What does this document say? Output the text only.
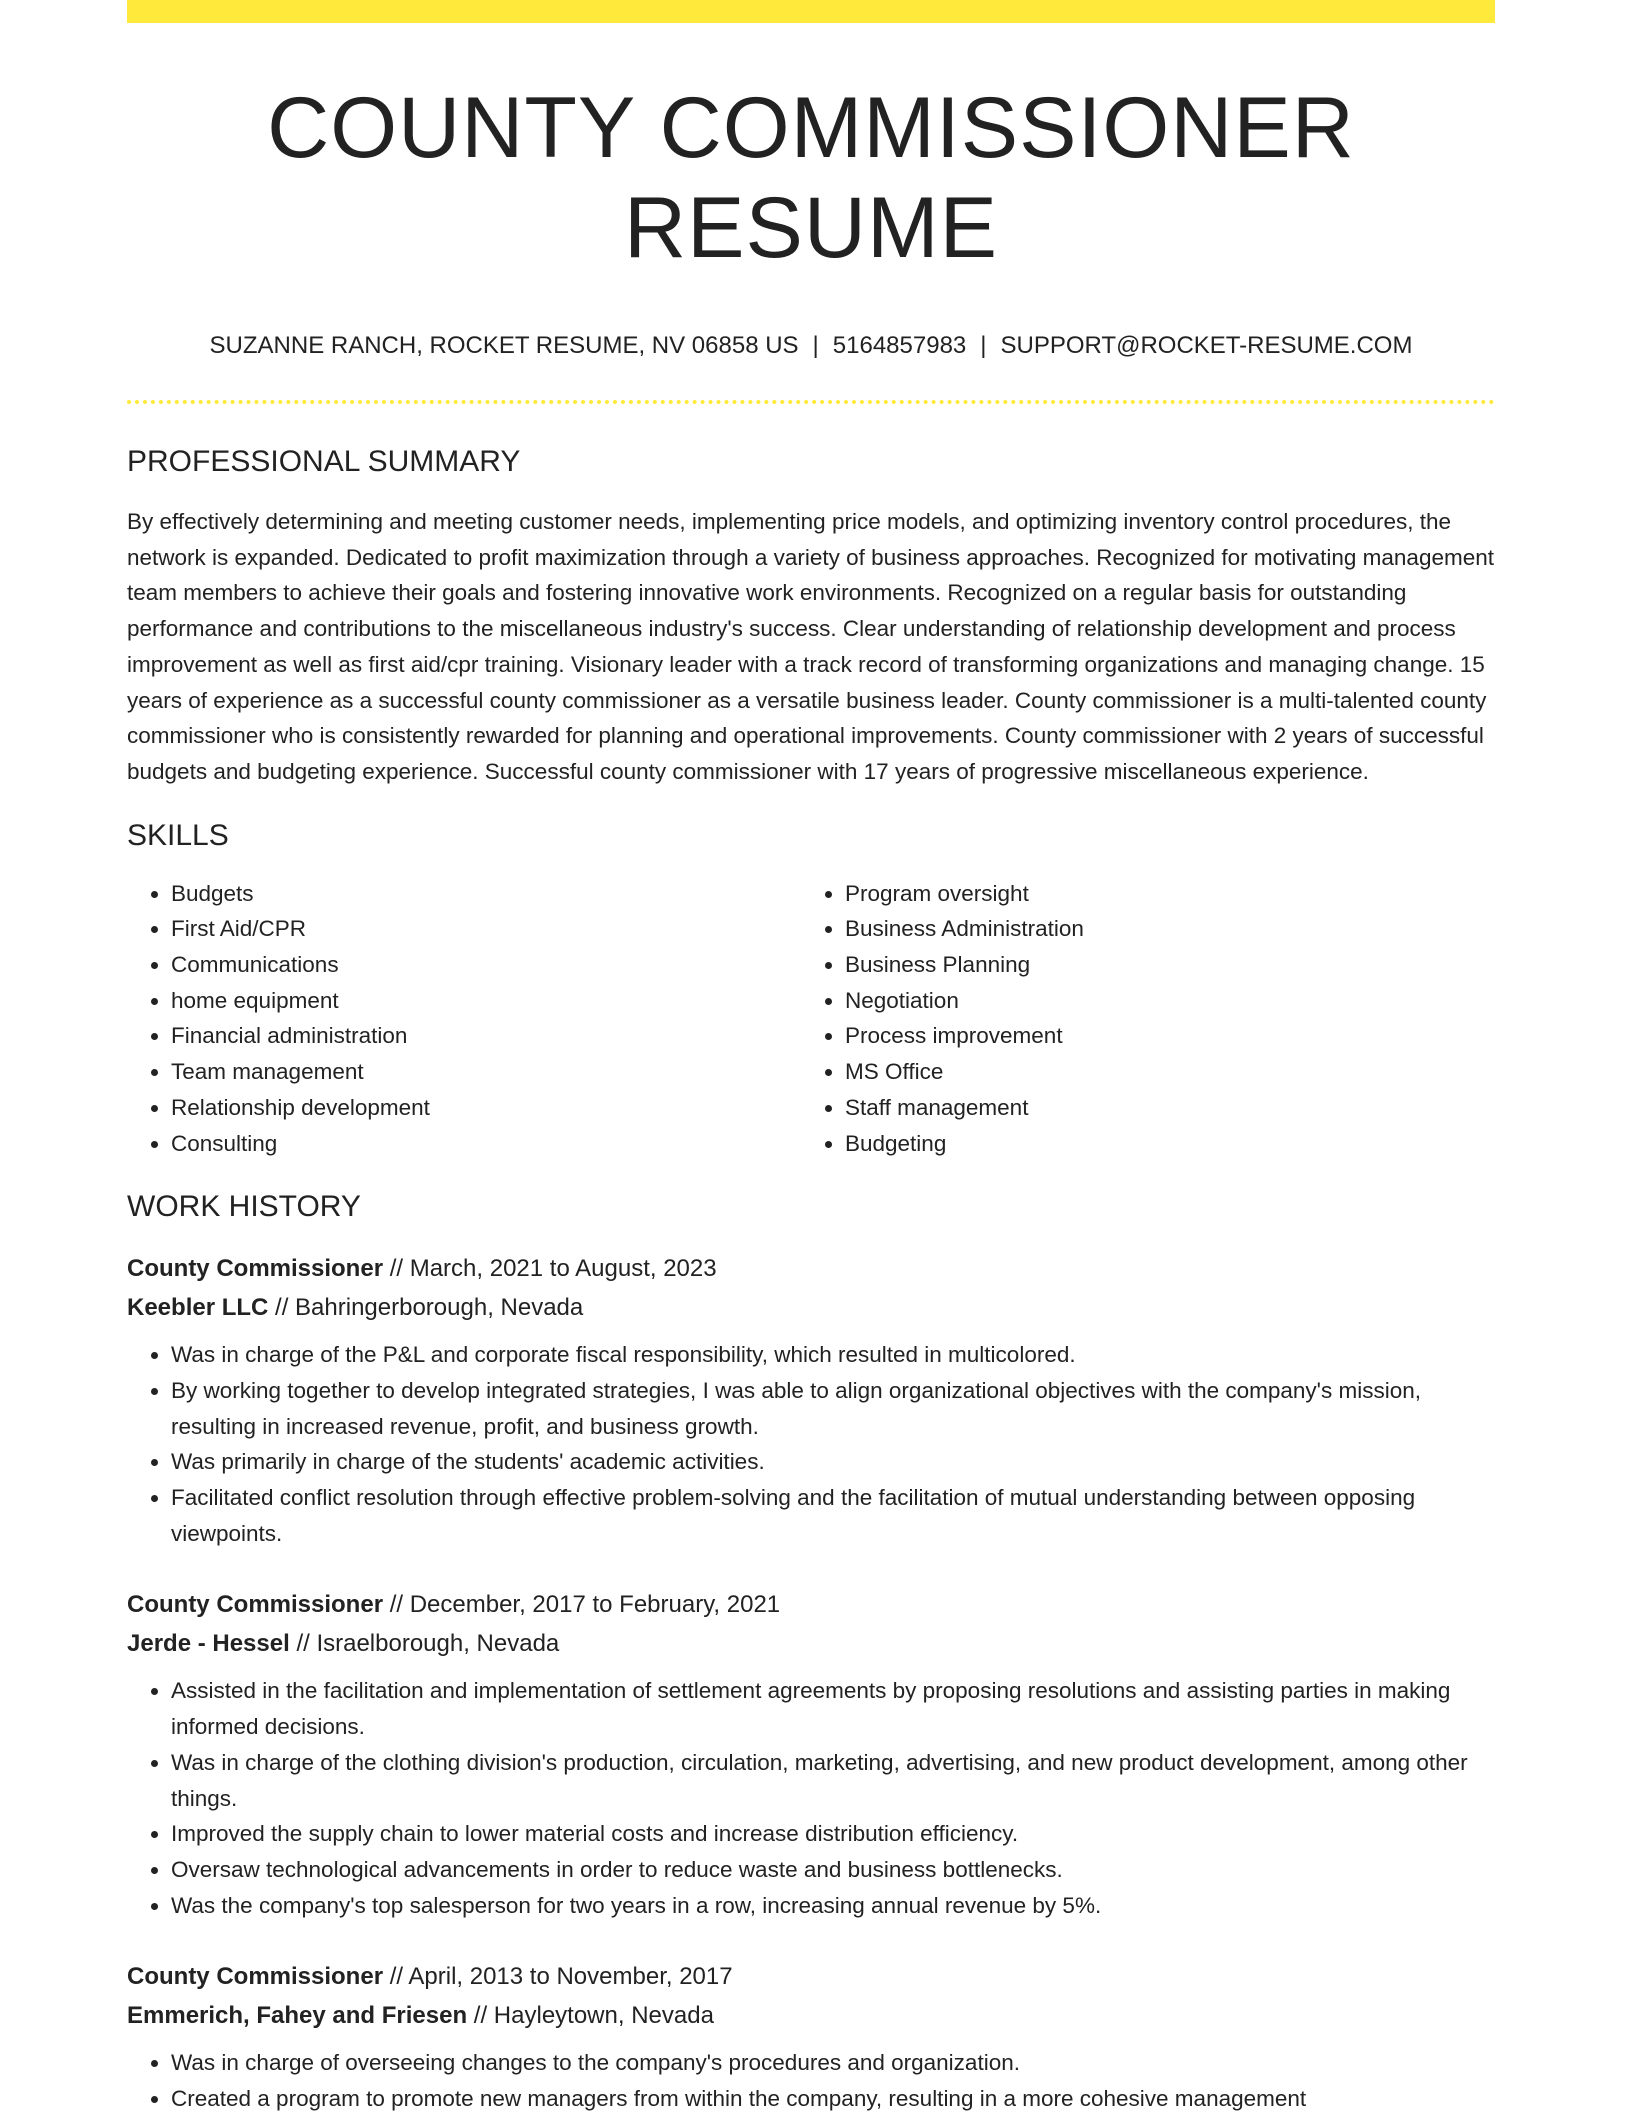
COUNTY COMMISSIONER RESUME
SUZANNE RANCH, ROCKET RESUME, NV 06858 US | 5164857983 | SUPPORT@ROCKET-RESUME.COM
PROFESSIONAL SUMMARY
By effectively determining and meeting customer needs, implementing price models, and optimizing inventory control procedures, the network is expanded. Dedicated to profit maximization through a variety of business approaches. Recognized for motivating management team members to achieve their goals and fostering innovative work environments. Recognized on a regular basis for outstanding performance and contributions to the miscellaneous industry's success. Clear understanding of relationship development and process improvement as well as first aid/cpr training. Visionary leader with a track record of transforming organizations and managing change. 15 years of experience as a successful county commissioner as a versatile business leader. County commissioner is a multi-talented county commissioner who is consistently rewarded for planning and operational improvements. County commissioner with 2 years of successful budgets and budgeting experience. Successful county commissioner with 17 years of progressive miscellaneous experience.
SKILLS
• Budgets
• First Aid/CPR
• Communications
• home equipment
• Financial administration
• Team management
• Relationship development
• Consulting
• Program oversight
• Business Administration
• Business Planning
• Negotiation
• Process improvement
• MS Office
• Staff management
• Budgeting
WORK HISTORY
County Commissioner // March, 2021 to August, 2023
Keebler LLC // Bahringerborough, Nevada
• Was in charge of the P&L and corporate fiscal responsibility, which resulted in multicolored.
• By working together to develop integrated strategies, I was able to align organizational objectives with the company's mission, resulting in increased revenue, profit, and business growth.
• Was primarily in charge of the students' academic activities.
• Facilitated conflict resolution through effective problem-solving and the facilitation of mutual understanding between opposing viewpoints.
County Commissioner // December, 2017 to February, 2021
Jerde - Hessel // Israelborough, Nevada
• Assisted in the facilitation and implementation of settlement agreements by proposing resolutions and assisting parties in making informed decisions.
• Was in charge of the clothing division's production, circulation, marketing, advertising, and new product development, among other things.
• Improved the supply chain to lower material costs and increase distribution efficiency.
• Oversaw technological advancements in order to reduce waste and business bottlenecks.
• Was the company's top salesperson for two years in a row, increasing annual revenue by 5%.
County Commissioner // April, 2013 to November, 2017
Emmerich, Fahey and Friesen // Hayleytown, Nevada
• Was in charge of overseeing changes to the company's procedures and organization.
• Created a program to promote new managers from within the company, resulting in a more cohesive management
